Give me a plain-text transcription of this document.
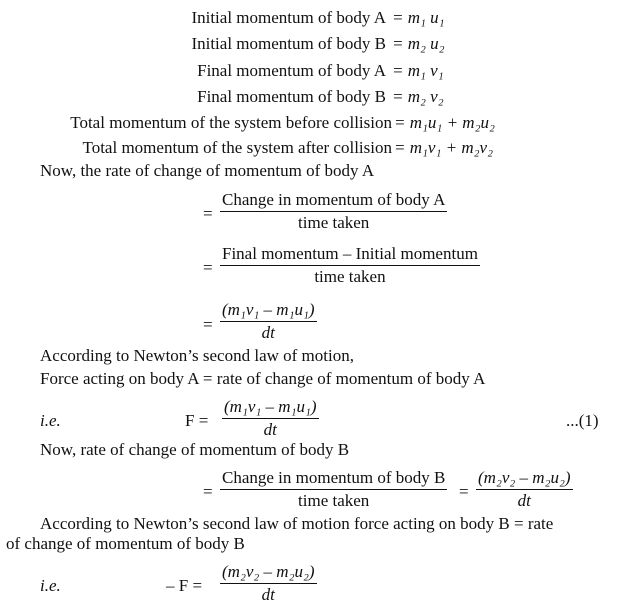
Initial momentum of body A = m₁ u₁
Initial momentum of body B = m₂ u₂
Final momentum of body A = m₁ v₁
Final momentum of body B = m₂ v₂
Total momentum of the system before collision = m₁u₁ + m₂u₂
Total momentum of the system after collision = m₁v₁ + m₂v₂
Now, the rate of change of momentum of body A
=
Change in momentum of body A
time taken
=
Final momentum – Initial momentum
time taken
= $\frac{\text{(m₁v₁ – m₁u₁)}}{dt}$
According to Newton’s second law of motion,
Force acting on body A = rate of change of momentum of body A
i.e.	$F = \frac{\text{(m₁v₁ – m₁u₁)}}{dt}$	...(1)
Now, rate of change of momentum of body B
=
Change in momentum of body B
time taken	= $\frac{\text{(m₂v₂ – m₂u₂)}}{dt}$
According to Newton’s second law of motion force acting on body B = rate
of change of momentum of body B
i.e.	– $F = \frac{\text{(m₂v₂ – m₂u₂)}}{dt}$
